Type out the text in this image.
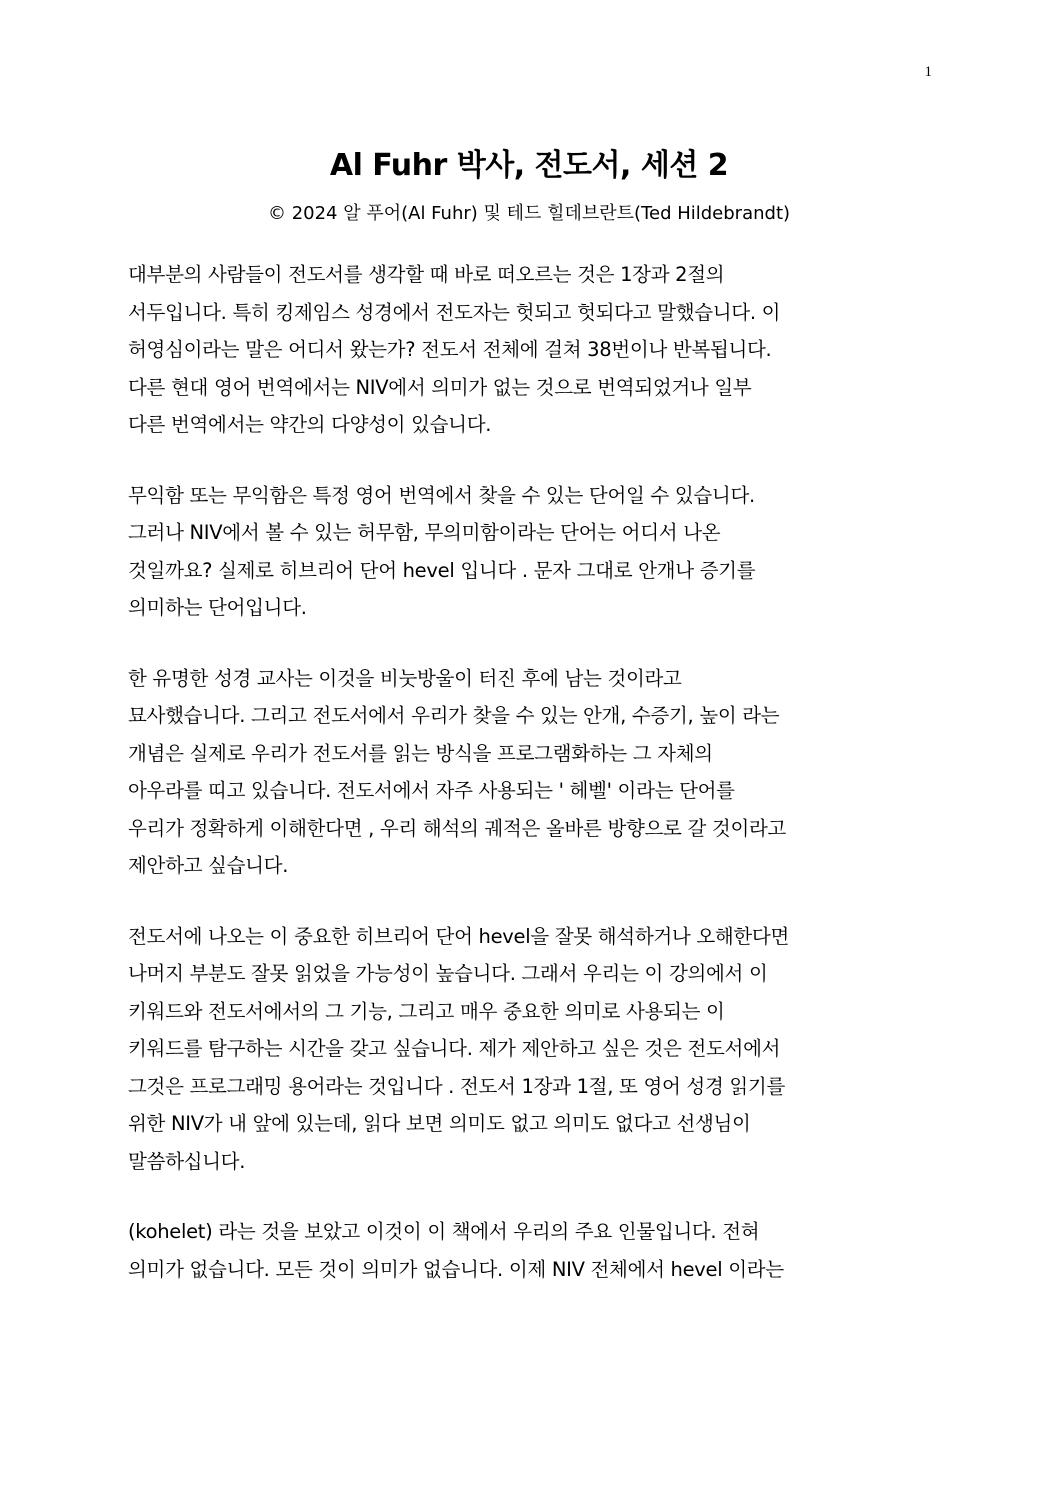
1
Al Fuhr 박사, 전도서, 세션 2

© 2024 알 푸어(Al Fuhr) 및 테드 힐데브란트(Ted Hildebrandt)

대부분의 사람들이 전도서를 생각할 때 바로 떠오르는 것은 1장과 2절의
서두입니다. 특히 킹제임스 성경에서 전도자는 헛되고 헛되다고 말했습니다. 이
허영심이라는 말은 어디서 왔는가? 전도서 전체에 걸쳐 38번이나 반복됩니다.
다른 현대 영어 번역에서는 NIV에서 의미가 없는 것으로 번역되었거나 일부
다른 번역에서는 약간의 다양성이 있습니다.

무익함 또는 무익함은 특정 영어 번역에서 찾을 수 있는 단어일 수 있습니다.
그러나 NIV에서 볼 수 있는 허무함, 무의미함이라는 단어는 어디서 나온
것일까요? 실제로 히브리어 단어 hevel 입니다 . 문자 그대로 안개나 증기를
의미하는 단어입니다.

한 유명한 성경 교사는 이것을 비눗방울이 터진 후에 남는 것이라고
묘사했습니다. 그리고 전도서에서 우리가 찾을 수 있는 안개, 수증기, 높이 라는
개념은 실제로 우리가 전도서를 읽는 방식을 프로그램화하는 그 자체의
아우라를 띠고 있습니다. 전도서에서 자주 사용되는 ' 헤벨' 이라는 단어를
우리가 정확하게 이해한다면 , 우리 해석의 궤적은 올바른 방향으로 갈 것이라고
제안하고 싶습니다.

전도서에 나오는 이 중요한 히브리어 단어 hevel을 잘못 해석하거나 오해한다면
나머지 부분도 잘못 읽었을 가능성이 높습니다. 그래서 우리는 이 강의에서 이
키워드와 전도서에서의 그 기능, 그리고 매우 중요한 의미로 사용되는 이
키워드를 탐구하는 시간을 갖고 싶습니다. 제가 제안하고 싶은 것은 전도서에서
그것은 프로그래밍 용어라는 것입니다 . 전도서 1장과 1절, 또 영어 성경 읽기를
위한 NIV가 내 앞에 있는데, 읽다 보면 의미도 없고 의미도 없다고 선생님이
말씀하십니다.

(kohelet) 라는 것을 보았고 이것이 이 책에서 우리의 주요 인물입니다. 전혀
의미가 없습니다. 모든 것이 의미가 없습니다. 이제 NIV 전체에서 hevel 이라는
